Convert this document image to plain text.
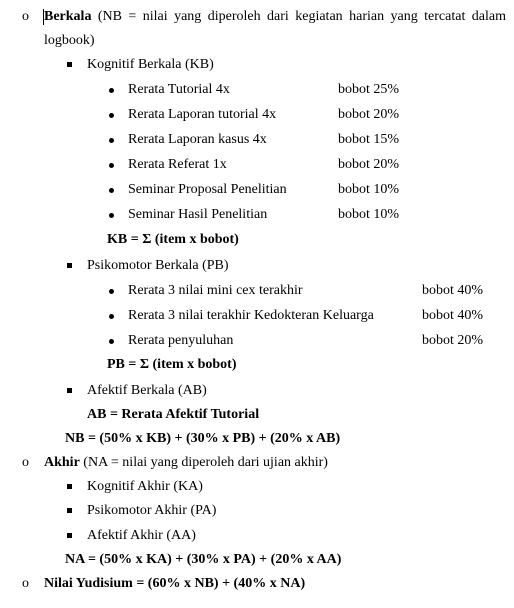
o Berkala (NB = nilai yang diperoleh dari kegiatan harian yang tercatat dalam
logbook)
Kognitif Berkala (KB)
Rerata Tutorial 4x	bobot 25%
Rerata Laporan tutorial 4x	bobot 20%
Rerata Laporan kasus 4x	bobot 15%
Rerata Referat 1x	bobot 20%
Seminar Proposal Penelitian	bobot 10%
Seminar Hasil Penelitian	bobot 10%
KB = Σ (item x bobot)
Psikomotor Berkala (PB)
Rerata 3 nilai mini cex terakhir	bobot 40%
Rerata 3 nilai terakhir Kedokteran Keluarga	bobot 40%
Rerata penyuluhan	bobot 20%
PB = Σ (item x bobot)
Afektif Berkala (AB)
AB = Rerata Afektif Tutorial
NB = (50% x KB) + (30% x PB) + (20% x AB)
o Akhir (NA = nilai yang diperoleh dari ujian akhir)
Kognitif Akhir (KA)
Psikomotor Akhir (PA)
Afektif Akhir (AA)
NA = (50% x KA) + (30% x PA) + (20% x AA)
o Nilai Yudisium = (60% x NB) + (40% x NA)
